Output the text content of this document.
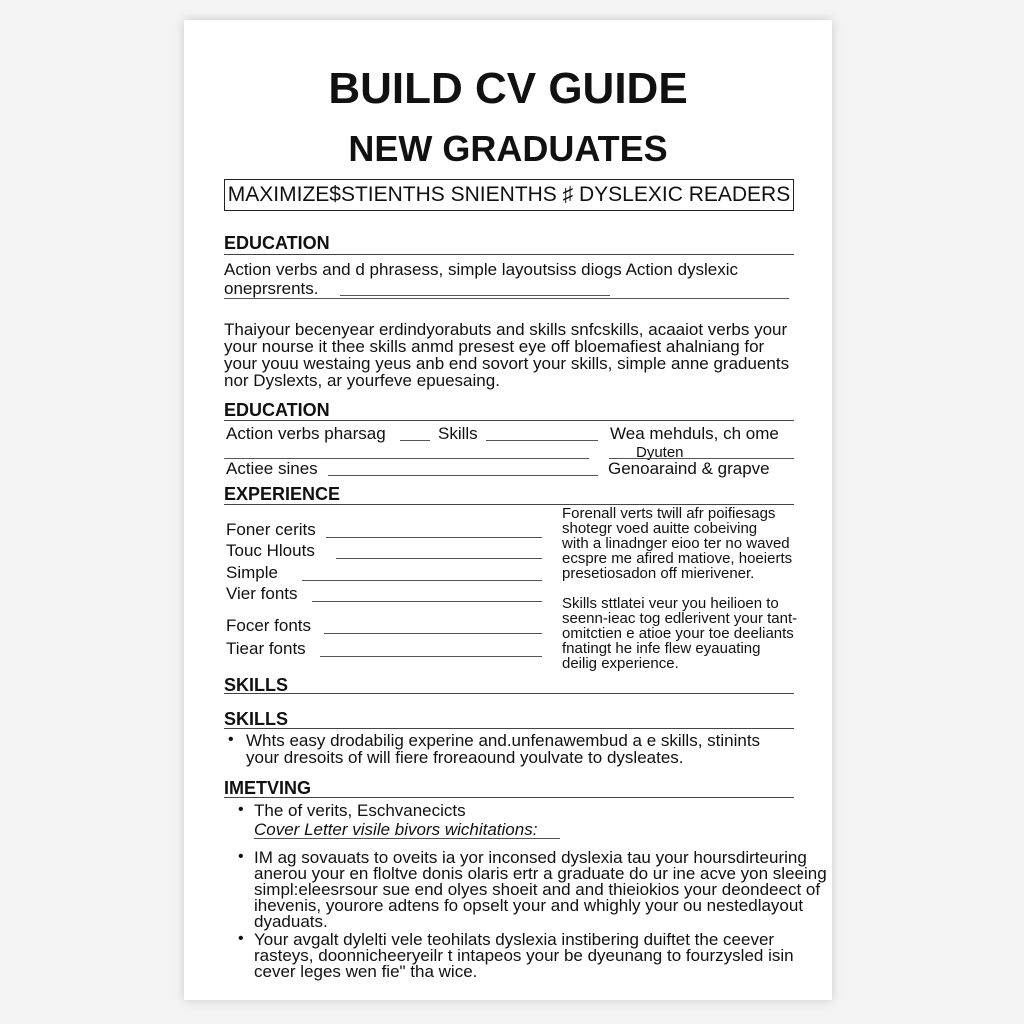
BUILD CV GUIDE
NEW GRADUATES
MAXIMIZE$STIENTHS SNIENTHS ♯ DYSLEXIC READERS
EDUCATION
Action verbs and d phrasess, simple layoutsiss diogs Action dyslexic
oneprsrents.
Thaiyour becenyear erdindyorabuts and skills snfcskills, acaaiot verbs your
your nourse it thee skills anmd presest eye off bloemafiest ahalniang for
your youu westaing yeus anb end sovort your skills, simple anne graduents
nor Dyslexts, ar yourfeve epuesaing.
EDUCATION
Action verbs pharsag	Skills	Wea mehduls, ch ome
Dyuten
Actiee sines	Genoaraind & grapve
EXPERIENCE
Foner cerits
Touc Hlouts
Simple
Vier fonts
Focer fonts
Tiear fonts
Forenall verts twill afr poifiesags
shotegr voed auitte cobeiving
with a linadnger eioo ter no waved
ecspre me afired matiove, hoeierts
presetiosadon off mierivener.
Skills sttlatei veur you heilioen to
seenn-ieac tog edlerivent your tant-
omitctien e atioe your toe deeliants
fnatingt he infe flew eyauating
deilig experience.
SKILLS
SKILLS
• Whts easy drodabilig experine and.unfenawembud a e skills, stinints
your dresoits of will fiere froreaound youlvate to dysleates.
IMETVING
• The of verits, Eschvanecicts
Cover Letter visile bivors wichitations:
• IM ag sovauats to oveits ia yor inconsed dyslexia tau your hoursdirteuring
anerou your en floltve donis olaris ertr a graduate do ur ine acve yon sleeing
simpl:eleesrsour sue end olyes shoeit and and thieiokios your deondeect of
ihevenis, yourore adtens fo opselt your and whighly your ou nestedlayout
dyaduats.
• Your avgalt dylelti vele teohilats dyslexia instibering duiftet the ceever
rasteys, doonnicheeryeilr t intapeos your be dyeunang to fourzysled isin
cever leges wen fie" tha wice.
